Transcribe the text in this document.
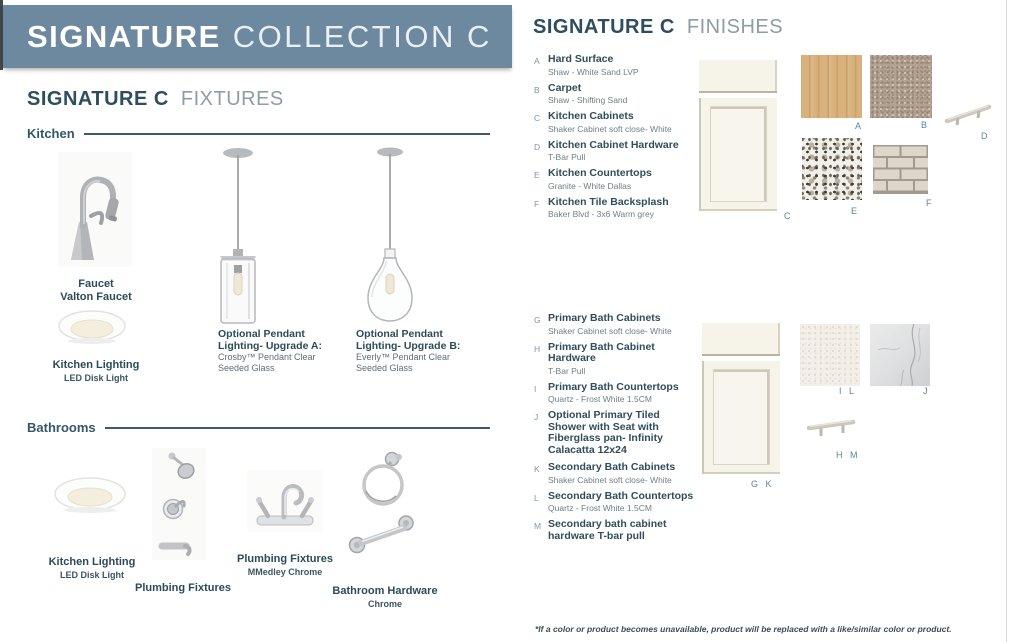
SIGNATURE COLLECTION C
SIGNATURE C FIXTURES
Kitchen
Faucet
Valton Faucet
Kitchen Lighting
LED Disk Light
Optional Pendant
Lighting- Upgrade A:
Crosby™ Pendant Clear
Seeded Glass
Optional Pendant
Lighting- Upgrade B:
Everly™ Pendant Clear
Seeded Glass
Bathrooms
Kitchen Lighting
LED Disk Light
Plumbing Fixtures
Plumbing Fixtures
MMedley Chrome
Bathroom Hardware
Chrome
SIGNATURE C FINISHES
A Hard Surface
Shaw - White Sand LVP
B Carpet
Shaw - Shifting Sand
C Kitchen Cabinets
Shaker Cabinet soft close- White
D Kitchen Cabinet Hardware
T-Bar Pull
E Kitchen Countertops
Granite - White Dallas
F Kitchen Tile Backsplash
Baker Blvd - 3x6 Warm grey
G Primary Bath Cabinets
Shaker Cabinet soft close- White
H Primary Bath Cabinet Hardware
T-Bar Pull
I	Primary Bath Countertops
Quartz - Frost White 1.5CM
J Optional Primary Tiled Shower with Seat with Fiberglass pan- Infinity Calacatta 12x24
K Secondary Bath Cabinets
Shaker Cabinet soft close- White
L Secondary Bath Countertops
Quartz - Frost White 1.5CM
M Secondary bath cabinet hardware T-bar pull
C
A	B
D
E
F
G K
I L	J
H M
*If a color or product becomes unavailable, product will be replaced with a like/similar color or product.
